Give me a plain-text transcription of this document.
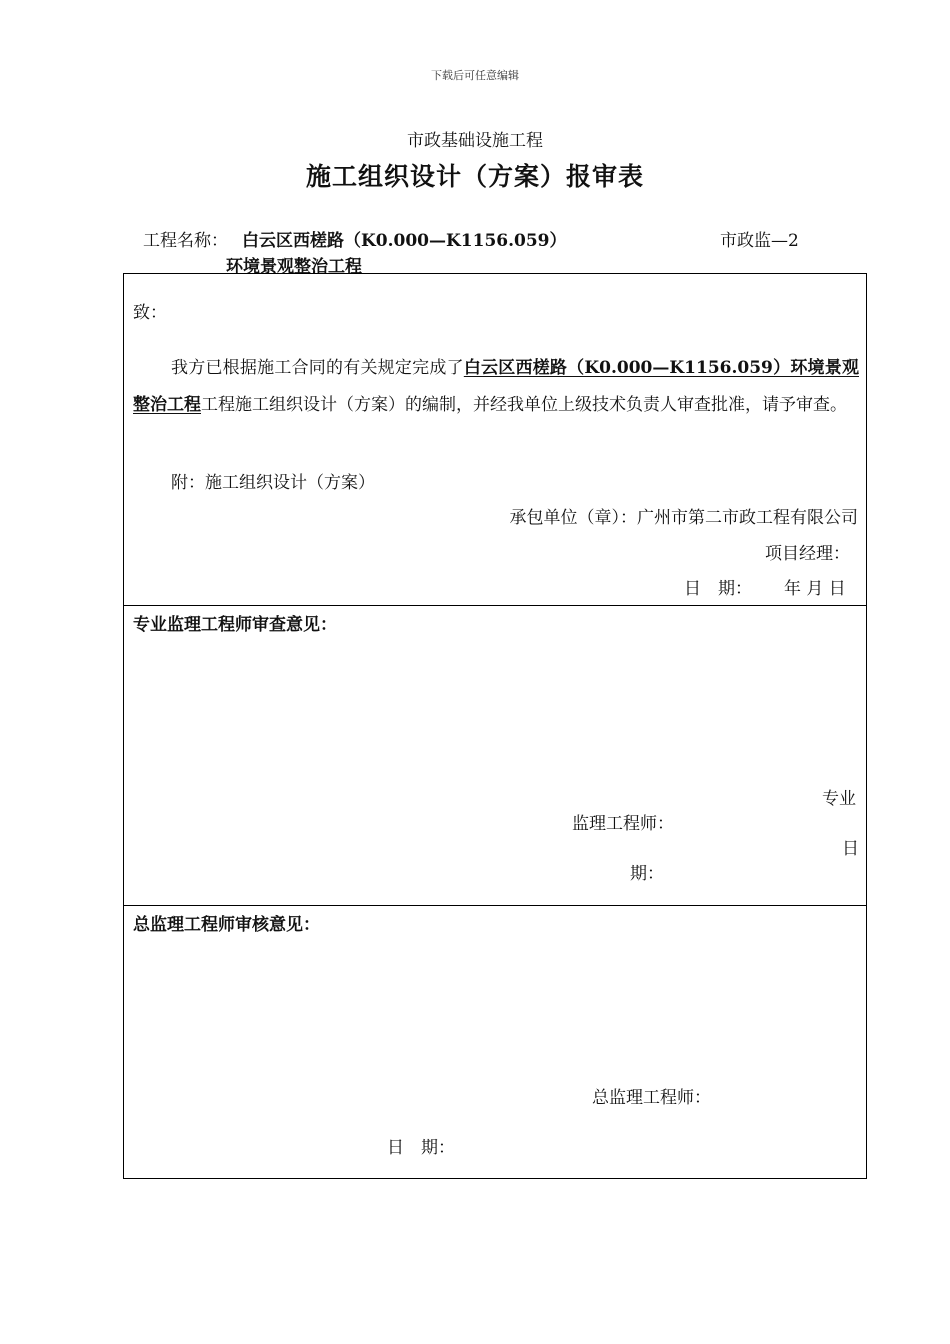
下载后可任意编辑
市政基础设施工程
施工组织设计（方案）报审表
工程名称： 白云区西槎路（K0.000—K1156.059）
环境景观整治工程
市政监—2
致：
我方已根据施工合同的有关规定完成了白云区西槎路（K0.000—K1156.059）环境景观整治工程工程施工组织设计（方案）的编制，并经我单位上级技术负责人审查批准，请予审查。
附：施工组织设计（方案）
承包单位（章）：广州市第二市政工程有限公司
项目经理：
日　期： 年 月 日
专业监理工程师审查意见：
专业
监理工程师：
日
期：
总监理工程师审核意见：
总监理工程师：
日　期：
